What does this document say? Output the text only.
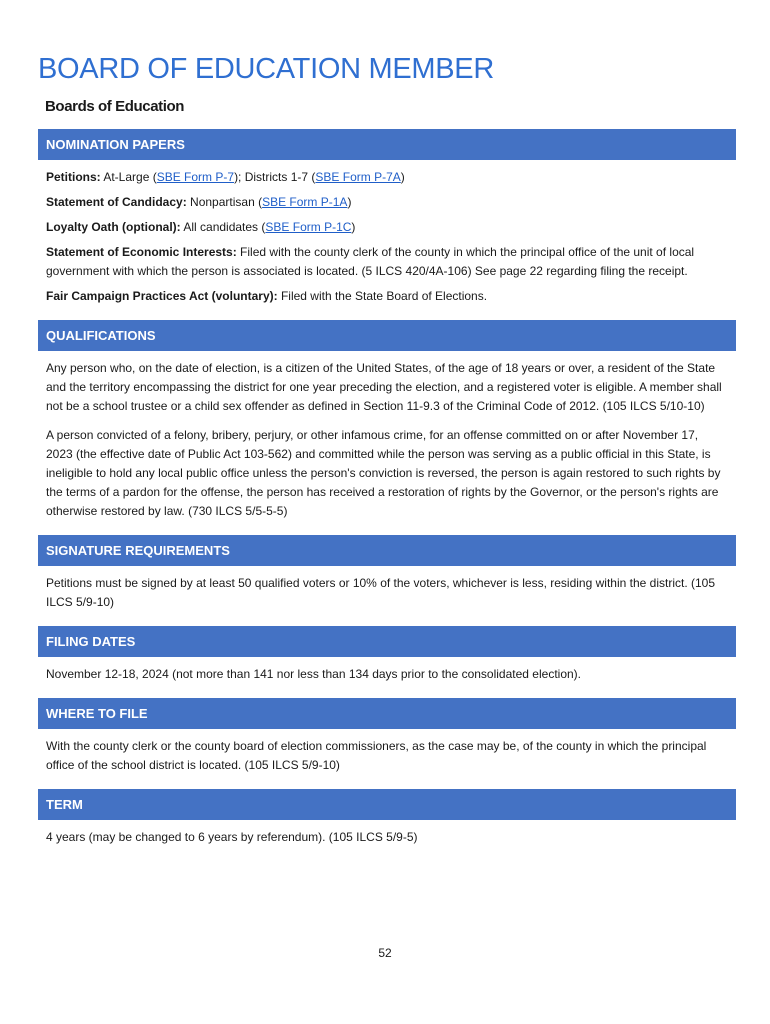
BOARD OF EDUCATION MEMBER
Boards of Education
NOMINATION PAPERS

Petitions: At-Large (SBE Form P-7); Districts 1-7 (SBE Form P-7A)

Statement of Candidacy: Nonpartisan (SBE Form P-1A)

Loyalty Oath (optional): All candidates (SBE Form P-1C)

Statement of Economic Interests: Filed with the county clerk of the county in which the principal office of the unit of local government with which the person is associated is located. (5 ILCS 420/4A-106) See page 22 regarding filing the receipt.

Fair Campaign Practices Act (voluntary): Filed with the State Board of Elections.

QUALIFICATIONS

Any person who, on the date of election, is a citizen of the United States, of the age of 18 years or over, a resident of the State and the territory encompassing the district for one year preceding the election, and a registered voter is eligible. A member shall not be a school trustee or a child sex offender as defined in Section 11-9.3 of the Criminal Code of 2012. (105 ILCS 5/10-10)

A person convicted of a felony, bribery, perjury, or other infamous crime, for an offense committed on or after November 17, 2023 (the effective date of Public Act 103-562) and committed while the person was serving as a public official in this State, is ineligible to hold any local public office unless the person's conviction is reversed, the person is again restored to such rights by the terms of a pardon for the offense, the person has received a restoration of rights by the Governor, or the person's rights are otherwise restored by law. (730 ILCS 5/5-5-5)

SIGNATURE REQUIREMENTS

Petitions must be signed by at least 50 qualified voters or 10% of the voters, whichever is less, residing within the district. (105 ILCS 5/9-10)

FILING DATES

November 12-18, 2024 (not more than 141 nor less than 134 days prior to the consolidated election).

WHERE TO FILE

With the county clerk or the county board of election commissioners, as the case may be, of the county in which the principal office of the school district is located. (105 ILCS 5/9-10)

TERM

4 years (may be changed to 6 years by referendum). (105 ILCS 5/9-5)

52
